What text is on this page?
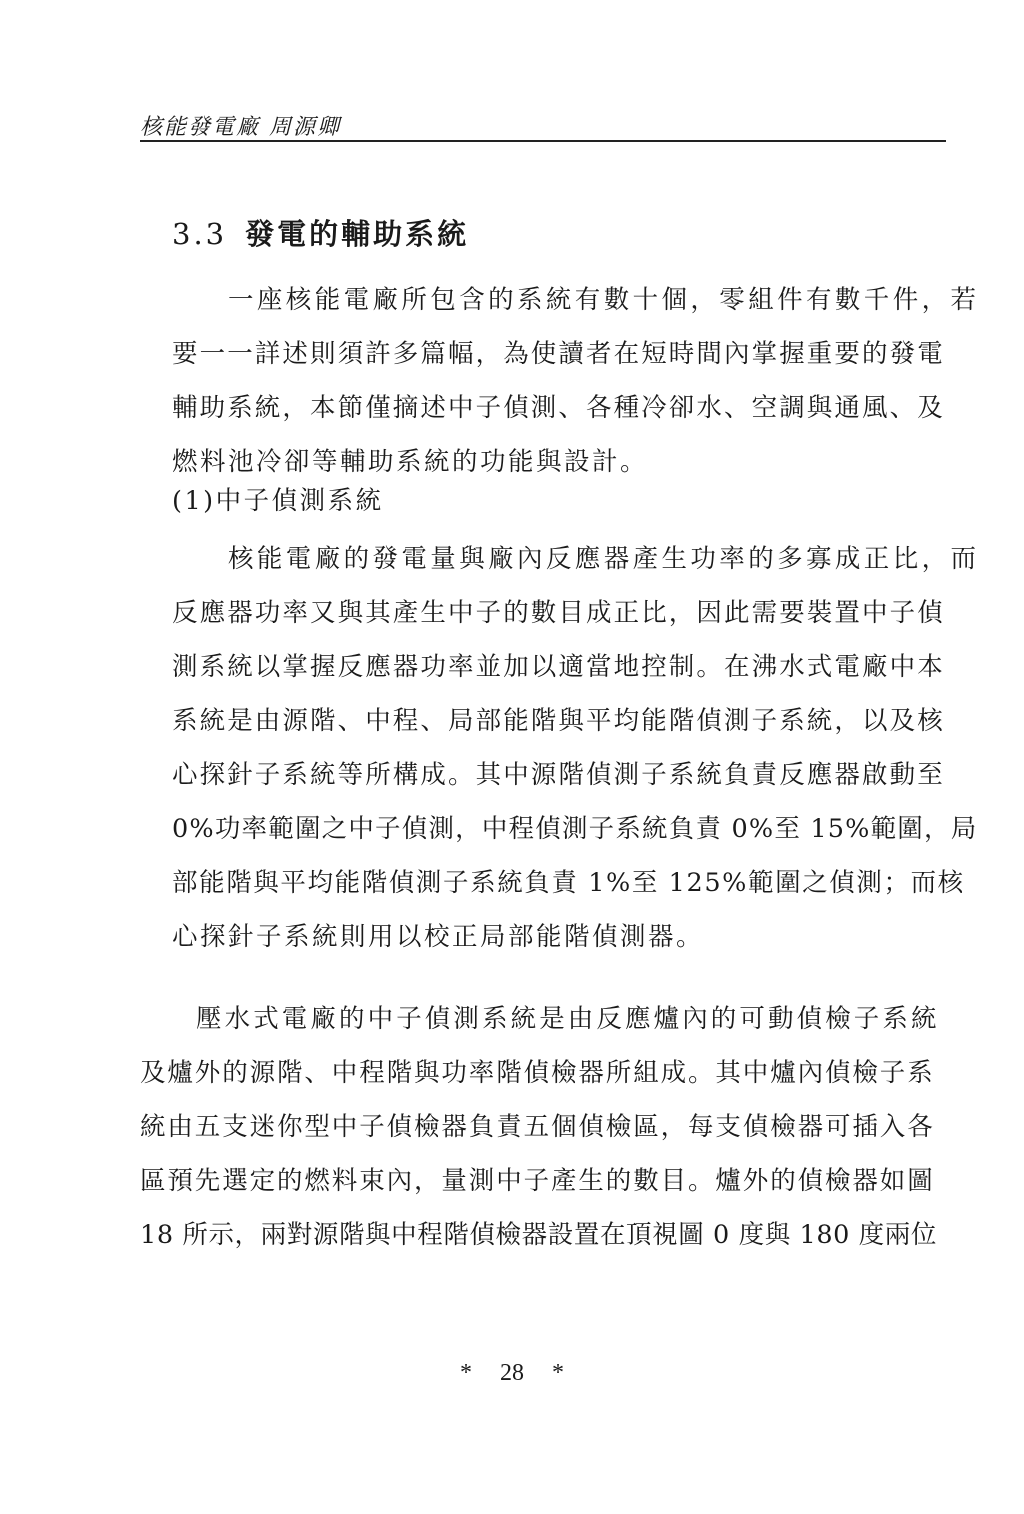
核能發電廠 周源卿
3.3 發電的輔助系統
一座核能電廠所包含的系統有數十個，零組件有數千件，若
要一一詳述則須許多篇幅，為使讀者在短時間內掌握重要的發電
輔助系統，本節僅摘述中子偵測、各種冷卻水、空調與通風、及
燃料池冷卻等輔助系統的功能與設計。
(1)中子偵測系統
核能電廠的發電量與廠內反應器產生功率的多寡成正比，而
反應器功率又與其產生中子的數目成正比，因此需要裝置中子偵
測系統以掌握反應器功率並加以適當地控制。在沸水式電廠中本
系統是由源階、中程、局部能階與平均能階偵測子系統，以及核
心探針子系統等所構成。其中源階偵測子系統負責反應器啟動至
0%功率範圍之中子偵測，中程偵測子系統負責 0%至 15%範圍，局
部能階與平均能階偵測子系統負責 1%至 125%範圍之偵測；而核
心探針子系統則用以校正局部能階偵測器。
壓水式電廠的中子偵測系統是由反應爐內的可動偵檢子系統
及爐外的源階、中程階與功率階偵檢器所組成。其中爐內偵檢子系
統由五支迷你型中子偵檢器負責五個偵檢區，每支偵檢器可插入各
區預先選定的燃料束內，量測中子產生的數目。爐外的偵檢器如圖
18 所示，兩對源階與中程階偵檢器設置在頂視圖 0 度與 180 度兩位
* 28 *
